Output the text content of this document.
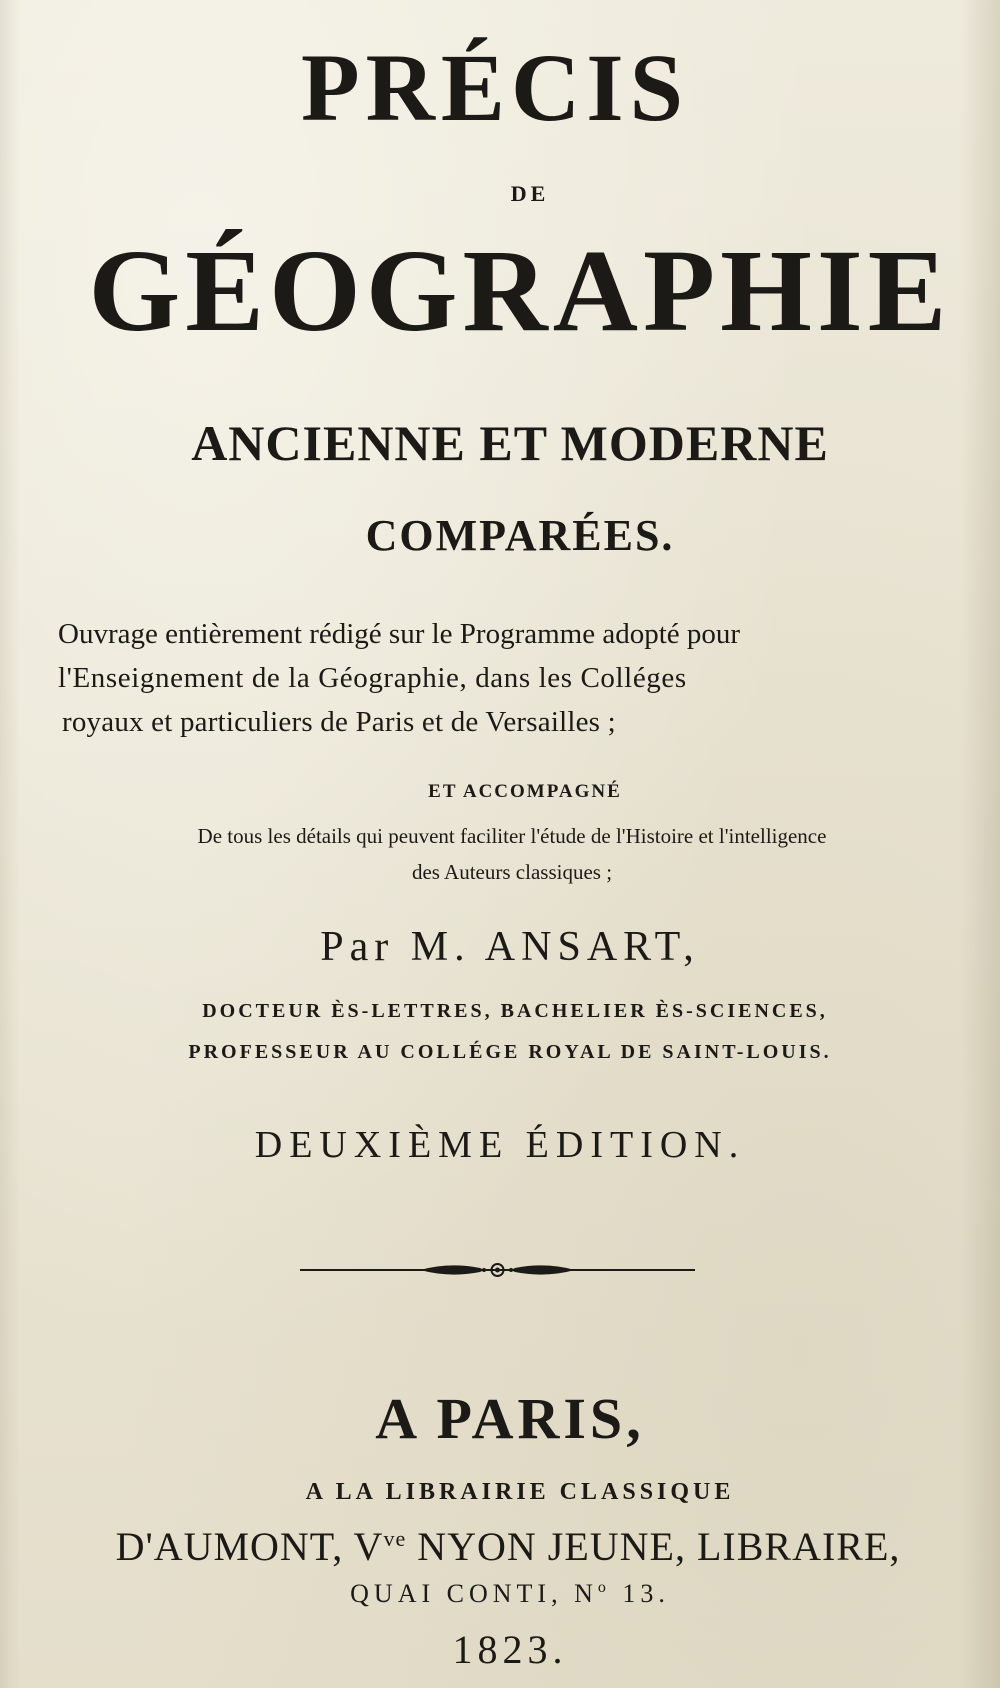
PRÉCIS
DE
GÉOGRAPHIE
ANCIENNE ET MODERNE
COMPARÉES.
Ouvrage entièrement rédigé sur le Programme adopté pour
l'Enseignement de la Géographie, dans les Colléges
royaux et particuliers de Paris et de Versailles ;
ET ACCOMPAGNÉ
De tous les détails qui peuvent faciliter l'étude de l'Histoire et l'intelligence
des Auteurs classiques ;
Par M. ANSART,
DOCTEUR ÈS-LETTRES, BACHELIER ÈS-SCIENCES,
PROFESSEUR AU COLLÉGE ROYAL DE SAINT-LOUIS.
DEUXIÈME ÉDITION.
A PARIS,
A LA LIBRAIRIE CLASSIQUE
D'AUMONT, $V^{ve}$ NYON JEUNE, LIBRAIRE,
QUAI CONTI, $N^o$ 13.
1823.
